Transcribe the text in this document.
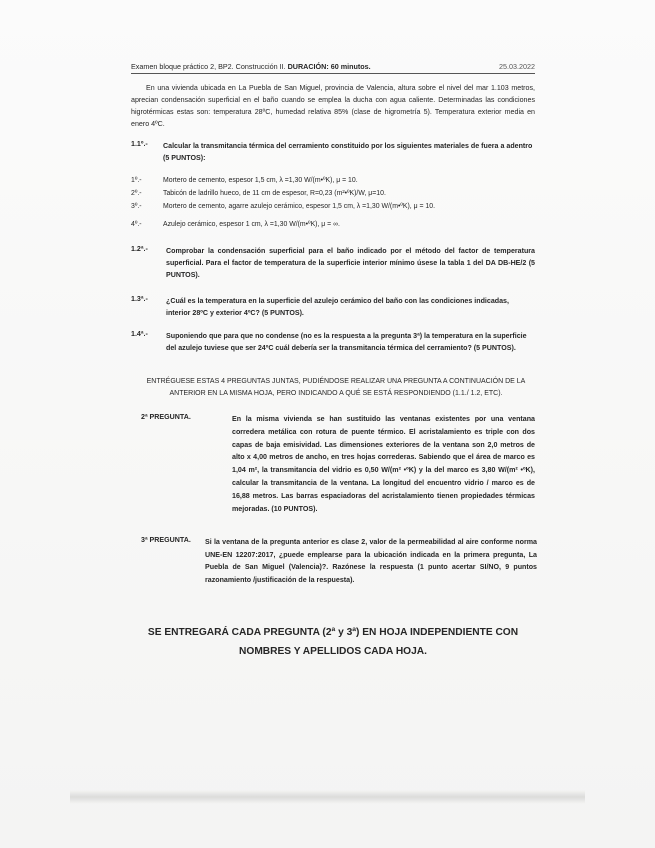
Examen bloque práctico 2, BP2. Construcción II. DURACIÓN: 60 minutos.	25.03.2022
En una vivienda ubicada en La Puebla de San Miguel, provincia de Valencia, altura sobre el nivel del mar 1.103 metros, aprecian condensación superficial en el baño cuando se emplea la ducha con agua caliente. Determinadas las condiciones higrotérmicas estas son: temperatura 28ºC, humedad relativa 85% (clase de higrometría 5). Temperatura exterior media en enero 4ºC.
1.1º.- Calcular la transmitancia térmica del cerramiento constituido por los siguientes materiales de fuera a adentro (5 PUNTOS):
1º.-	Mortero de cemento, espesor 1,5 cm, λ =1,30 W/(m•ºK), μ = 10.
2º.-	Tabicón de ladrillo hueco, de 11 cm de espesor, R=0,23 (m²•ºK)/W, μ=10.
3º.-	Mortero de cemento, agarre azulejo cerámico, espesor 1,5 cm, λ =1,30 W/(m•ºK), μ = 10.
4º.-	Azulejo cerámico, espesor 1 cm, λ =1,30 W/(m•ºK), μ = ∞.
1.2ª.-	Comprobar la condensación superficial para el baño indicado por el método del factor de temperatura superficial. Para el factor de temperatura de la superficie interior mínimo úsese la tabla 1 del DA DB-HE/2 (5 PUNTOS).
1.3ª.-	¿Cuál es la temperatura en la superficie del azulejo cerámico del baño con las condiciones indicadas, interior 28ºC y exterior 4ºC? (5 PUNTOS).
1.4ª.-	Suponiendo que para que no condense (no es la respuesta a la pregunta 3ª) la temperatura en la superficie del azulejo tuviese que ser 24ºC cuál debería ser la transmitancia térmica del cerramiento? (5 PUNTOS).
ENTRÉGUESE ESTAS 4 PREGUNTAS JUNTAS, PUDIÉNDOSE REALIZAR UNA PREGUNTA A CONTINUACIÓN DE LA ANTERIOR EN LA MISMA HOJA, PERO INDICANDO A QUÉ SE ESTÁ RESPONDIENDO (1.1./ 1.2, ETC).
2ª PREGUNTA.	En la misma vivienda se han sustituido las ventanas existentes por una ventana corredera metálica con rotura de puente térmico. El acristalamiento es triple con dos capas de baja emisividad. Las dimensiones exteriores de la ventana son 2,0 metros de alto x 4,00 metros de ancho, en tres hojas correderas. Sabiendo que el área de marco es 1,04 m², la transmitancia del vidrio es 0,50 W/(m² •ºK) y la del marco es 3,80 W/(m² •ºK), calcular la transmitancia de la ventana. La longitud del encuentro vidrio / marco es de 16,88 metros. Las barras espaciadoras del acristalamiento tienen propiedades térmicas mejoradas. (10 PUNTOS).
3ª PREGUNTA. Si la ventana de la pregunta anterior es clase 2, valor de la permeabilidad al aire conforme norma UNE-EN 12207:2017, ¿puede emplearse para la ubicación indicada en la primera pregunta, La Puebla de San Miguel (Valencia)?. Razónese la respuesta (1 punto acertar SI/NO, 9 puntos razonamiento /justificación de la respuesta).
SE ENTREGARÁ CADA PREGUNTA (2ª y 3ª) EN HOJA INDEPENDIENTE CON NOMBRES Y APELLIDOS CADA HOJA.
